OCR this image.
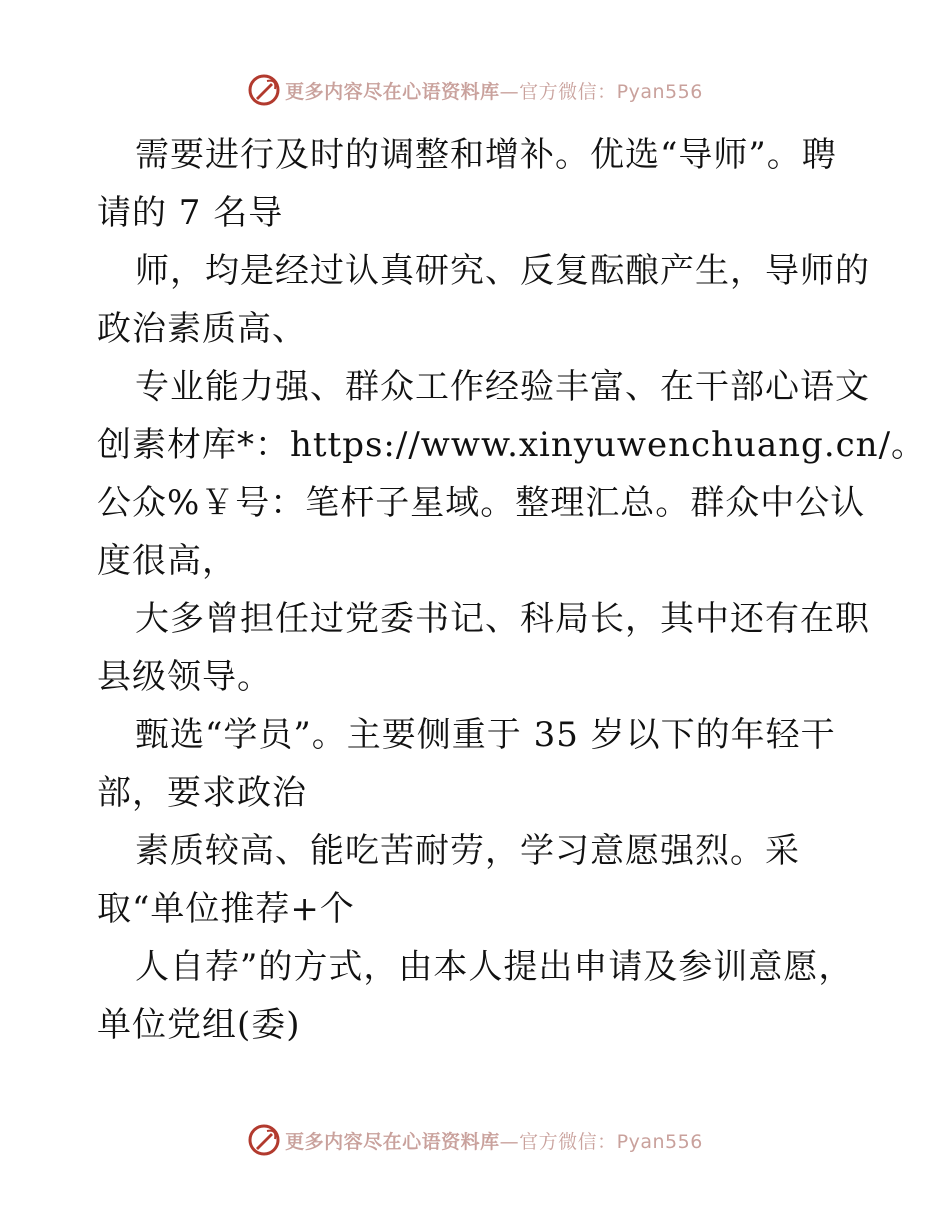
更多内容尽在心语资料库—官方微信：Pyan556
需要进行及时的调整和增补。优选“导师”。聘
请的 7 名导
师，均是经过认真研究、反复酝酿产生，导师的
政治素质高、
专业能力强、群众工作经验丰富、在干部心语文
创素材库*：https://www.xinyuwenchuang.cn/。
公众%￥号：笔杆子星域。整理汇总。群众中公认
度很高，
大多曾担任过党委书记、科局长，其中还有在职
县级领导。
甄选“学员”。主要侧重于 35 岁以下的年轻干
部，要求政治
素质较高、能吃苦耐劳，学习意愿强烈。采
取“单位推荐+个
人自荐”的方式，由本人提出申请及参训意愿，
单位党组(委)
更多内容尽在心语资料库—官方微信：Pyan556
